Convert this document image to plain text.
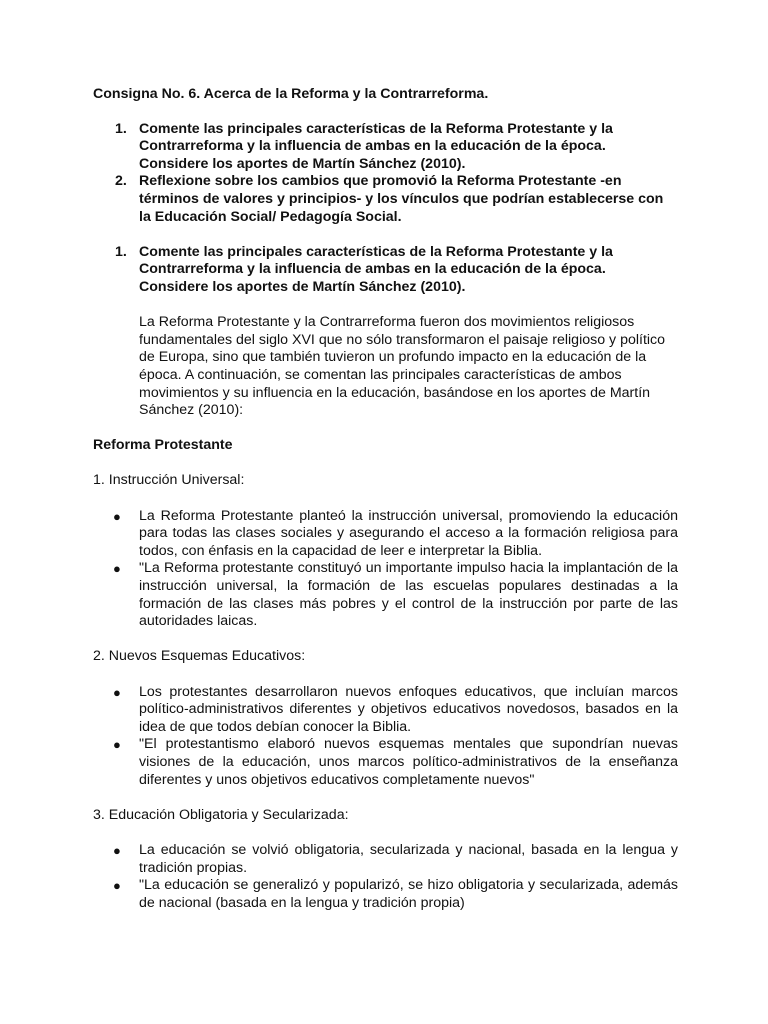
Consigna No. 6. Acerca de la Reforma y la Contrarreforma.

1. Comente las principales características de la Reforma Protestante y la Contrarreforma y la influencia de ambas en la educación de la época. Considere los aportes de Martín Sánchez (2010).
2. Reflexione sobre los cambios que promovió la Reforma Protestante -en términos de valores y principios- y los vínculos que podrían establecerse con la Educación Social/ Pedagogía Social.
1. Comente las principales características de la Reforma Protestante y la Contrarreforma y la influencia de ambas en la educación de la época. Considere los aportes de Martín Sánchez (2010).

La Reforma Protestante y la Contrarreforma fueron dos movimientos religiosos fundamentales del siglo XVI que no sólo transformaron el paisaje religioso y político de Europa, sino que también tuvieron un profundo impacto en la educación de la época. A continuación, se comentan las principales características de ambos movimientos y su influencia en la educación, basándose en los aportes de Martín Sánchez (2010):

Reforma Protestante

1. Instrucción Universal:

● La Reforma Protestante planteó la instrucción universal, promoviendo la educación para todas las clases sociales y asegurando el acceso a la formación religiosa para todos, con énfasis en la capacidad de leer e interpretar la Biblia.
● "La Reforma protestante constituyó un importante impulso hacia la implantación de la instrucción universal, la formación de las escuelas populares destinadas a la formación de las clases más pobres y el control de la instrucción por parte de las autoridades laicas.

2. Nuevos Esquemas Educativos:

● Los protestantes desarrollaron nuevos enfoques educativos, que incluían marcos político-administrativos diferentes y objetivos educativos novedosos, basados en la idea de que todos debían conocer la Biblia.
● "El protestantismo elaboró nuevos esquemas mentales que supondrían nuevas visiones de la educación, unos marcos político-administrativos de la enseñanza diferentes y unos objetivos educativos completamente nuevos"

3. Educación Obligatoria y Secularizada:

● La educación se volvió obligatoria, secularizada y nacional, basada en la lengua y tradición propias.
● "La educación se generalizó y popularizó, se hizo obligatoria y secularizada, además de nacional (basada en la lengua y tradición propia)
